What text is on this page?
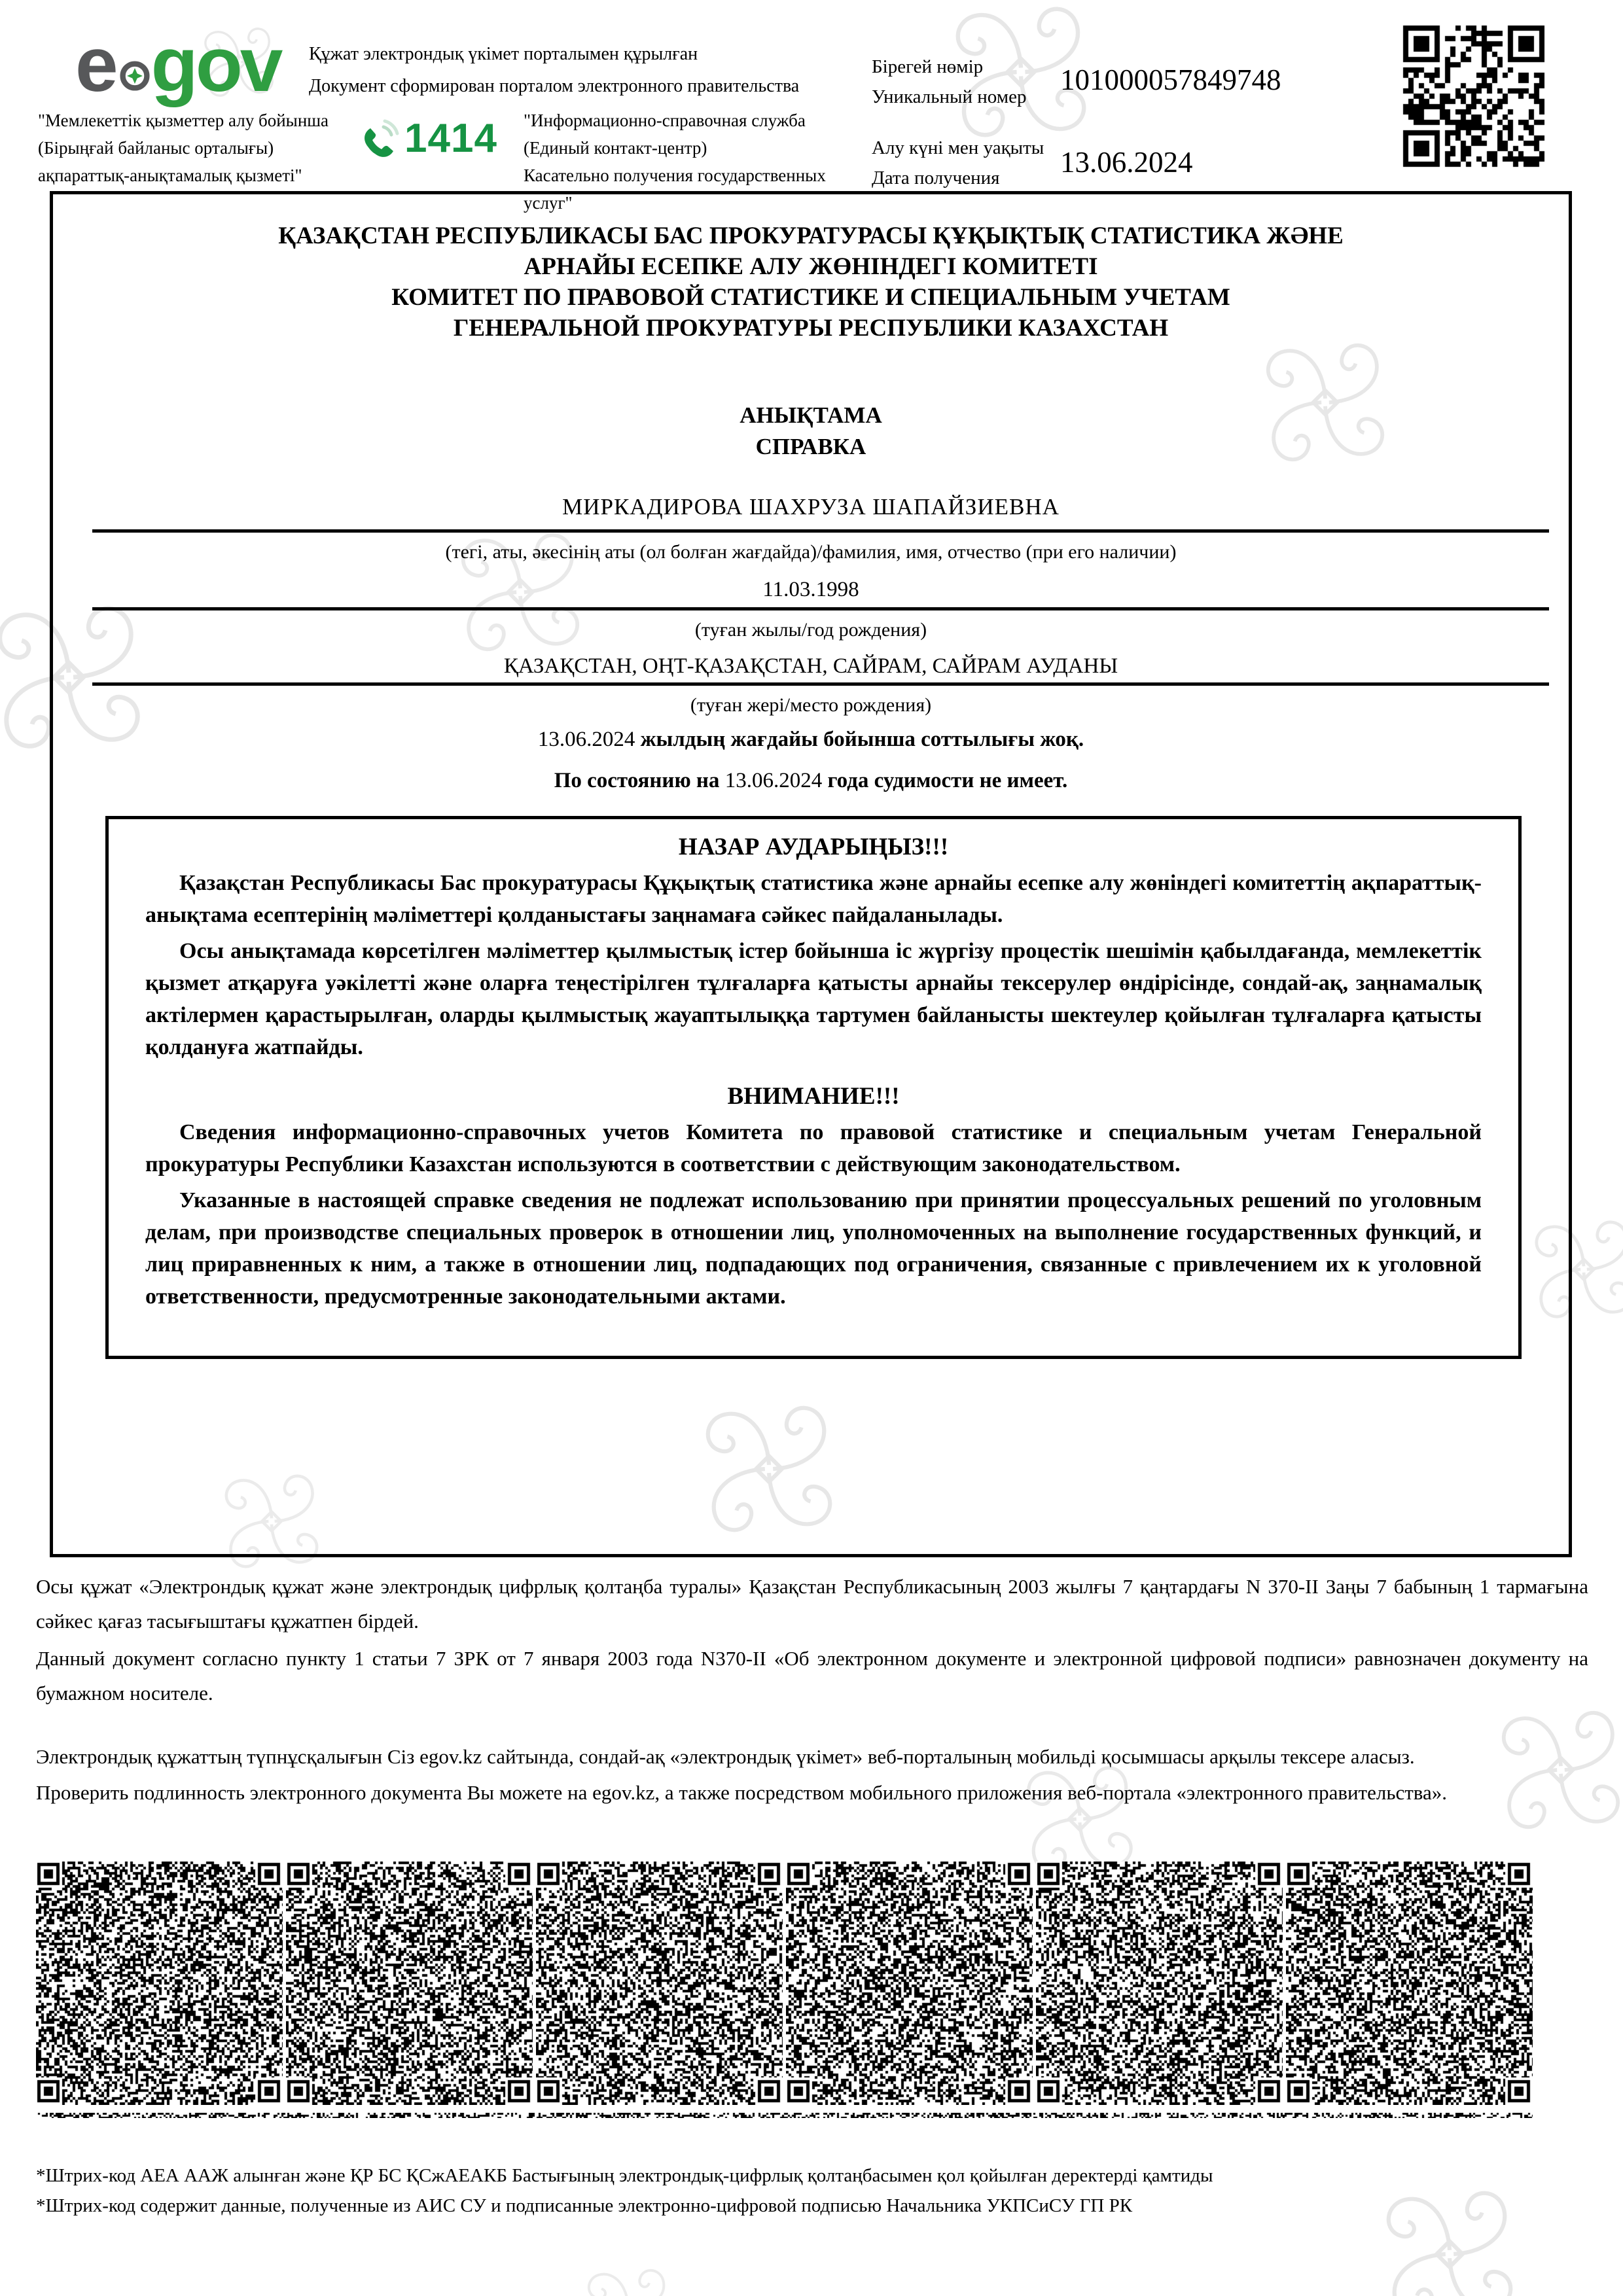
e gov Құжат электрондық үкімет порталымен құрылған
Документ сформирован порталом электронного правительства
"Мемлекеттік қызметтер алу бойынша
(Бірыңғай байланыс орталығы)
ақпараттық-анықтамалық қызметі"
1414 "Информационно-справочная служба
(Единый контакт-центр)
Касательно получения государственных услуг"
Бірегей нөмір
Уникальный номер
101000057849748
Алу күні мен уақыты
Дата получения	13.06.2024
ҚАЗАҚСТАН РЕСПУБЛИКАСЫ БАС ПРОКУРАТУРАСЫ ҚҰҚЫҚТЫҚ СТАТИСТИКА ЖӘНЕ
АРНАЙЫ ЕСЕПКЕ АЛУ ЖӨНІНДЕГІ КОМИТЕТІ
КОМИТЕТ ПО ПРАВОВОЙ СТАТИСТИКЕ И СПЕЦИАЛЬНЫМ УЧЕТАМ
ГЕНЕРАЛЬНОЙ ПРОКУРАТУРЫ РЕСПУБЛИКИ КАЗАХСТАН
АНЫҚТАМА
СПРАВКА
МИРКАДИРОВА ШАХРУЗА ШАПАЙЗИЕВНА
(тегі, аты, әкесінің аты (ол болған жағдайда)/фамилия, имя, отчество (при его наличии)
11.03.1998
(туған жылы/год рождения)
ҚАЗАҚСТАН, ОҢТ-ҚАЗАҚСТАН, САЙРАМ, САЙРАМ АУДАНЫ
(туған жері/место рождения)
13.06.2024 жылдың жағдайы бойынша соттылығы жоқ.
По состоянию на 13.06.2024 года судимости не имеет.
НАЗАР АУДАРЫҢЫЗ!!!

Қазақстан Республикасы Бас прокуратурасы Құқықтық статистика және арнайы есепке алу жөніндегі комитеттің ақпараттық-анықтама есептерінің мәліметтері қолданыстағы заңнамаға сәйкес пайдаланылады.

Осы анықтамада көрсетілген мәліметтер қылмыстық істер бойынша іс жүргізу процестік шешімін қабылдағанда, мемлекеттік қызмет атқаруға уәкілетті және оларға теңестірілген тұлғаларға қатысты арнайы тексерулер өндірісінде, сондай-ақ, заңнамалық актілермен қарастырылған, оларды қылмыстық жауаптылыққа тартумен байланысты шектеулер қойылған тұлғаларға қатысты қолдануға жатпайды.

ВНИМАНИЕ!!!

Сведения информационно-справочных учетов Комитета по правовой статистике и специальным учетам Генеральной прокуратуры Республики Казахстан используются в соответствии с действующим законодательством.

Указанные в настоящей справке сведения не подлежат использованию при принятии процессуальных решений по уголовным делам, при производстве специальных проверок в отношении лиц, уполномоченных на выполнение государственных функций, и лиц приравненных к ним, а также в отношении лиц, подпадающих под ограничения, связанные с привлечением их к уголовной ответственности, предусмотренные законодательными актами.

Осы құжат «Электрондық құжат және электрондық цифрлық қолтаңба туралы» Қазақстан Республикасының 2003 жылғы 7 қаңтардағы N 370-II Заңы 7 бабының 1 тармағына сәйкес қағаз тасығыштағы құжатпен бірдей.

Данный документ согласно пункту 1 статьи 7 ЗРК от 7 января 2003 года N370-II «Об электронном документе и электронной цифровой подписи» равнозначен документу на бумажном носителе.

Электрондық құжаттың түпнұсқалығын Сіз egov.kz сайтында, сондай-ақ «электрондық үкімет» веб-порталының мобильді қосымшасы арқылы тексере аласыз.

Проверить подлинность электронного документа Вы можете на egov.kz, а также посредством мобильного приложения веб-портала «электронного правительства».

*Штрих-код АЕА ААЖ алынған және ҚР БС ҚСжАЕАКБ Бастығының электрондық-цифрлық қолтаңбасымен қол қойылған деректерді қамтиды
*Штрих-код содержит данные, полученные из АИС СУ и подписанные электронно-цифровой подписью Начальника УКПСиСУ ГП РК
